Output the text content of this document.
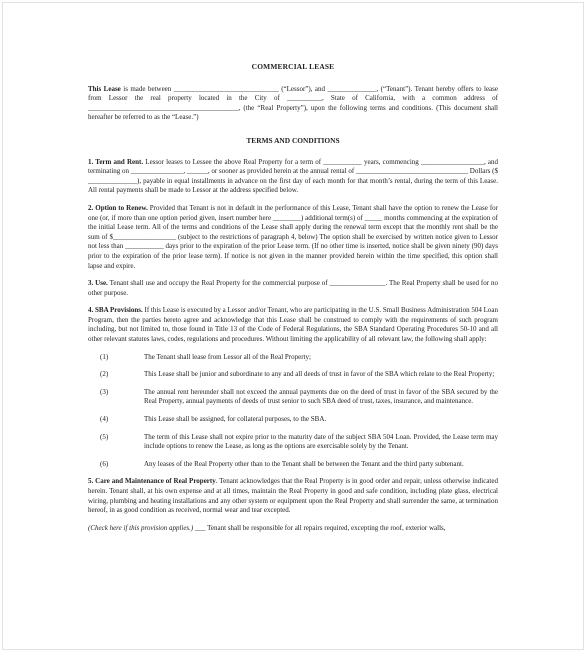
COMMERCIAL LEASE

This Lease is made between ______________________________ (“Lessor”), and ______________, (“Tenant”). Tenant hereby offers to lease from Lessor the real property located in the City of __________, State of California, with a common address of ___________________________________________, (the “Real Property”), upon the following terms and conditions. (This document shall hereafter be referred to as the “Lease.”)

TERMS AND CONDITIONS

1. Term and Rent. Lessor leases to Lessee the above Real Property for a term of ___________ years, commencing __________________, and terminating on _______________, ______, or sooner as provided herein at the annual rental of ________________________________ Dollars ($ ______________), payable in equal installments in advance on the first day of each month for that month’s rental, during the term of this Lease. All rental payments shall be made to Lessor at the address specified below.

2. Option to Renew. Provided that Tenant is not in default in the performance of this Lease, Tenant shall have the option to renew the Lease for one (or, if more than one option period given, insert number here ________) additional term(s) of _____ months commencing at the expiration of the initial Lease term. All of the terms and conditions of the Lease shall apply during the renewal term except that the monthly rent shall be the sum of $__________________ (subject to the restrictions of paragraph 4, below) The option shall be exercised by written notice given to Lessor not less than ___________ days prior to the expiration of the prior Lease term. (If no other time is inserted, notice shall be given ninety (90) days prior to the expiration of the prior lease term). If notice is not given in the manner provided herein within the time specified, this option shall lapse and expire.

3. Use. Tenant shall use and occupy the Real Property for the commercial purpose of ________________. The Real Property shall be used for no other purpose.

4. SBA Provisions. If this Lease is executed by a Lessor and/or Tenant, who are participating in the U.S. Small Business Administration 504 Loan Program, then the parties hereto agree and acknowledge that this Lease shall be construed to comply with the requirements of such program including, but not limited to, those found in Title 13 of the Code of Federal Regulations, the SBA Standard Operating Procedures 50-10 and all other relevant statutes laws, codes, regulations and procedures. Without limiting the applicability of all relevant law, the following shall apply:

(1)	The Tenant shall lease from Lessor all of the Real Property;
(2)	This Lease shall be junior and subordinate to any and all deeds of trust in favor of the SBA which relate to the Real Property;
(3)	The annual rent hereunder shall not exceed the annual payments due on the deed of trust in favor of the SBA secured by the Real Property, annual payments of deeds of trust senior to such SBA deed of trust, taxes, insurance, and maintenance.
(4)	This Lease shall be assigned, for collateral purposes, to the SBA.
(5)	The term of this Lease shall not expire prior to the maturity date of the subject SBA 504 Loan. Provided, the Lease term may include options to renew the Lease, as long as the options are exercisable solely by the Tenant.
(6)	Any leases of the Real Property other than to the Tenant shall be between the Tenant and the third party subtenant.

5. Care and Maintenance of Real Property. Tenant acknowledges that the Real Property is in good order and repair, unless otherwise indicated herein. Tenant shall, at his own expense and at all times, maintain the Real Property in good and safe condition, including plate glass, electrical wiring, plumbing and heating installations and any other system or equipment upon the Real Property and shall surrender the same, at termination hereof, in as good condition as received, normal wear and tear excepted.

(Check here if this provision applies.) ___ Tenant shall be responsible for all repairs required, excepting the roof, exterior walls,
